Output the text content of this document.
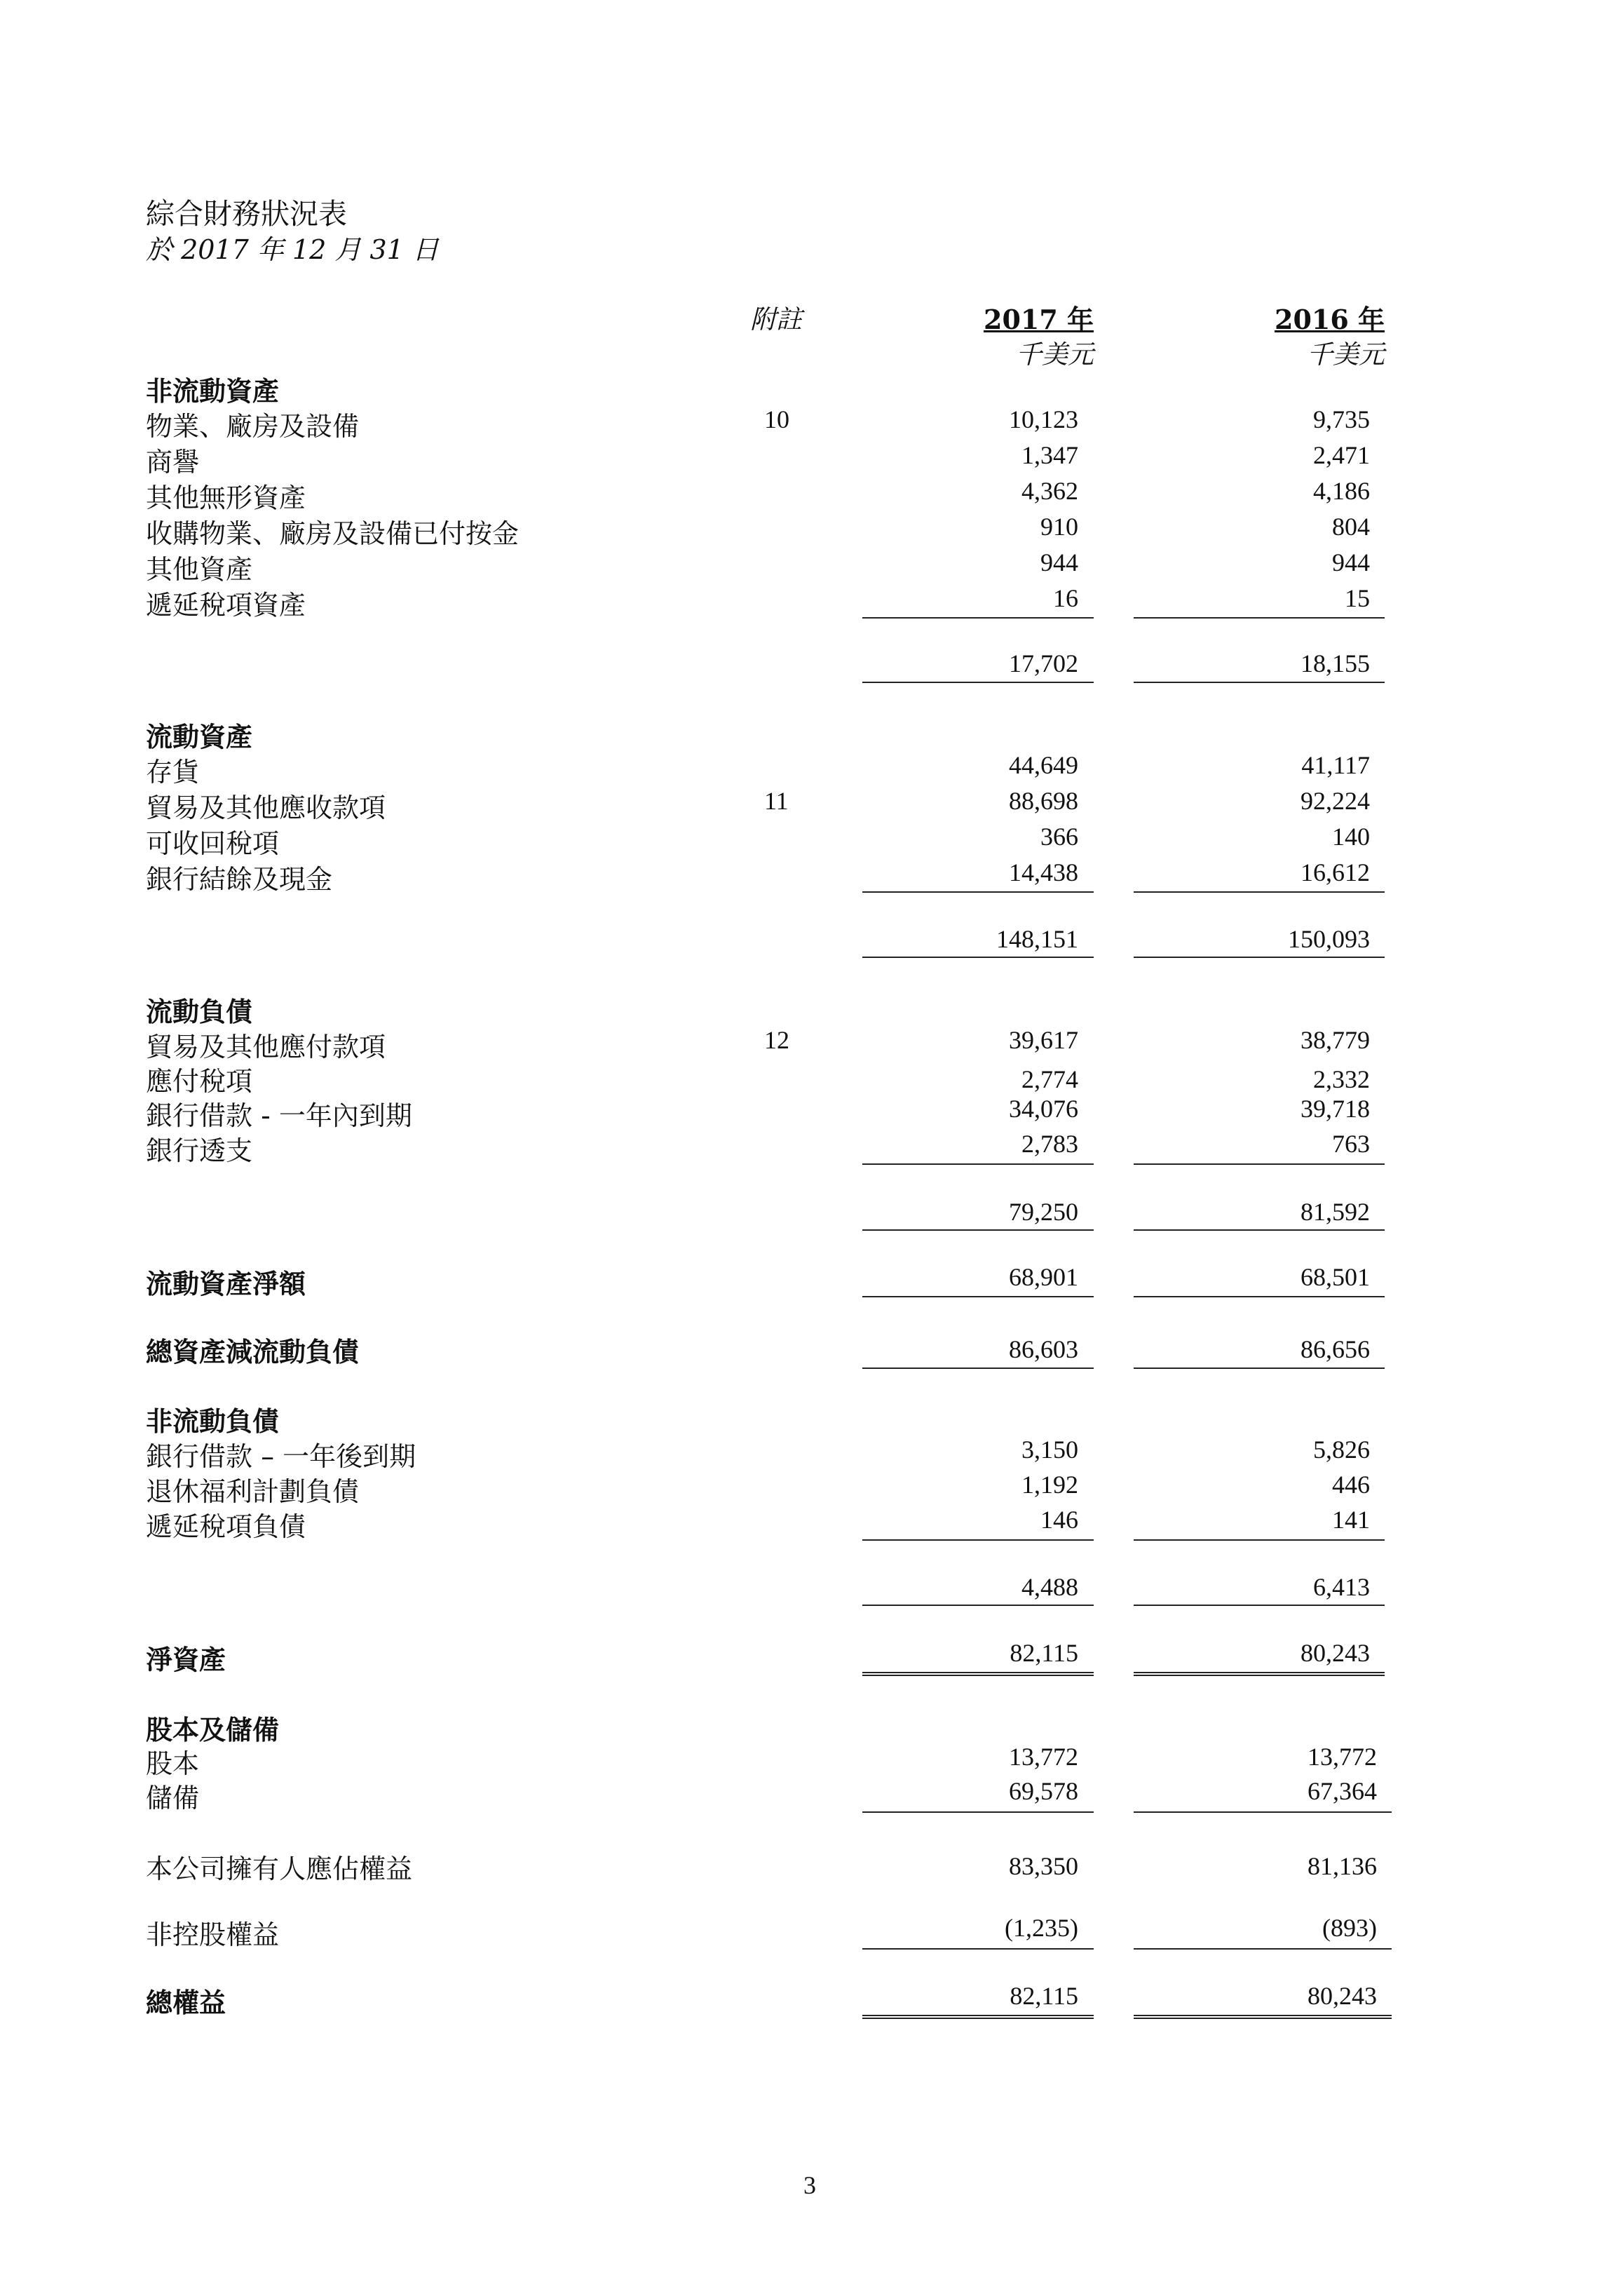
綜合財務狀況表
於 2017 年 12 月 31 日
附註	2017 年	2016 年
千美元	千美元
非流動資產
物業、廠房及設備	10	10,123	9,735
商譽	1,347	2,471
其他無形資產	4,362	4,186
收購物業、廠房及設備已付按金	910	804
其他資產	944	944
遞延稅項資產	16	15
17,702	18,155
流動資產
存貨	44,649	41,117
貿易及其他應收款項	11	88,698	92,224
可收回稅項	366	140
銀行結餘及現金	14,438	16,612
148,151	150,093
流動負債
貿易及其他應付款項	12	39,617	38,779
應付稅項	2,774	2,332
銀行借款 - 一年內到期	34,076	39,718
銀行透支	2,783	763
79,250	81,592
流動資產淨額	68,901	68,501
總資產減流動負債	86,603	86,656
非流動負債
銀行借款 – 一年後到期	3,150	5,826
退休福利計劃負債	1,192	446
遞延稅項負債	146	141
4,488	6,413
淨資產	82,115	80,243
股本及儲備
股本	13,772	13,772
儲備	69,578	67,364
本公司擁有人應佔權益	83,350	81,136
非控股權益	(1,235)	(893)
總權益	82,115	80,243
3
